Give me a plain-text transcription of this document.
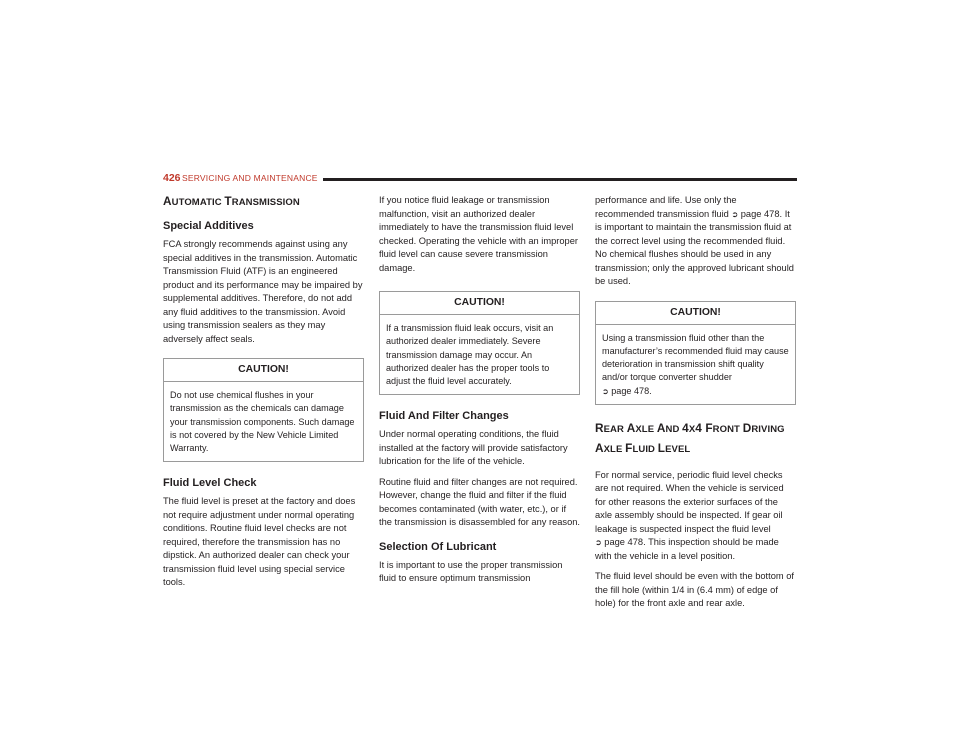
426 SERVICING AND MAINTENANCE
AUTOMATIC TRANSMISSION
Special Additives

FCA strongly recommends against using any special additives in the transmission. Automatic Transmission Fluid (ATF) is an engineered product and its performance may be impaired by supplemental additives. Therefore, do not add any fluid additives to the transmission. Avoid using transmission sealers as they may adversely affect seals.

CAUTION!
Do not use chemical flushes in your transmission as the chemicals can damage your transmission components. Such damage is not covered by the New Vehicle Limited Warranty.
Fluid Level Check

The fluid level is preset at the factory and does not require adjustment under normal operating conditions. Routine fluid level checks are not required, therefore the transmission has no dipstick. An authorized dealer can check your transmission fluid level using special service tools.

If you notice fluid leakage or transmission malfunction, visit an authorized dealer immediately to have the transmission fluid level checked. Operating the vehicle with an improper fluid level can cause severe transmission damage.

CAUTION!
If a transmission fluid leak occurs, visit an authorized dealer immediately. Severe transmission damage may occur. An authorized dealer has the proper tools to adjust the fluid level accurately.
Fluid And Filter Changes

Under normal operating conditions, the fluid installed at the factory will provide satisfactory lubrication for the life of the vehicle.

Routine fluid and filter changes are not required. However, change the fluid and filter if the fluid becomes contaminated (with water, etc.), or if the transmission is disassembled for any reason.

Selection Of Lubricant

It is important to use the proper transmission fluid to ensure optimum transmission

performance and life. Use only the recommended transmission fluid ➲ page 478. It is important to maintain the transmission fluid at the correct level using the recommended fluid. No chemical flushes should be used in any transmission; only the approved lubricant should be used.

CAUTION!
Using a transmission fluid other than the manufacturer’s recommended fluid may cause deterioration in transmission shift quality and/or torque converter shudder
➲ page 478.
REAR AXLE AND 4X4 FRONT DRIVING
AXLE FLUID LEVEL

For normal service, periodic fluid level checks are not required. When the vehicle is serviced for other reasons the exterior surfaces of the axle assembly should be inspected. If gear oil leakage is suspected inspect the fluid level
➲ page 478. This inspection should be made with the vehicle in a level position.

The fluid level should be even with the bottom of the fill hole (within 1/4 in (6.4 mm) of edge of hole) for the front axle and rear axle.
